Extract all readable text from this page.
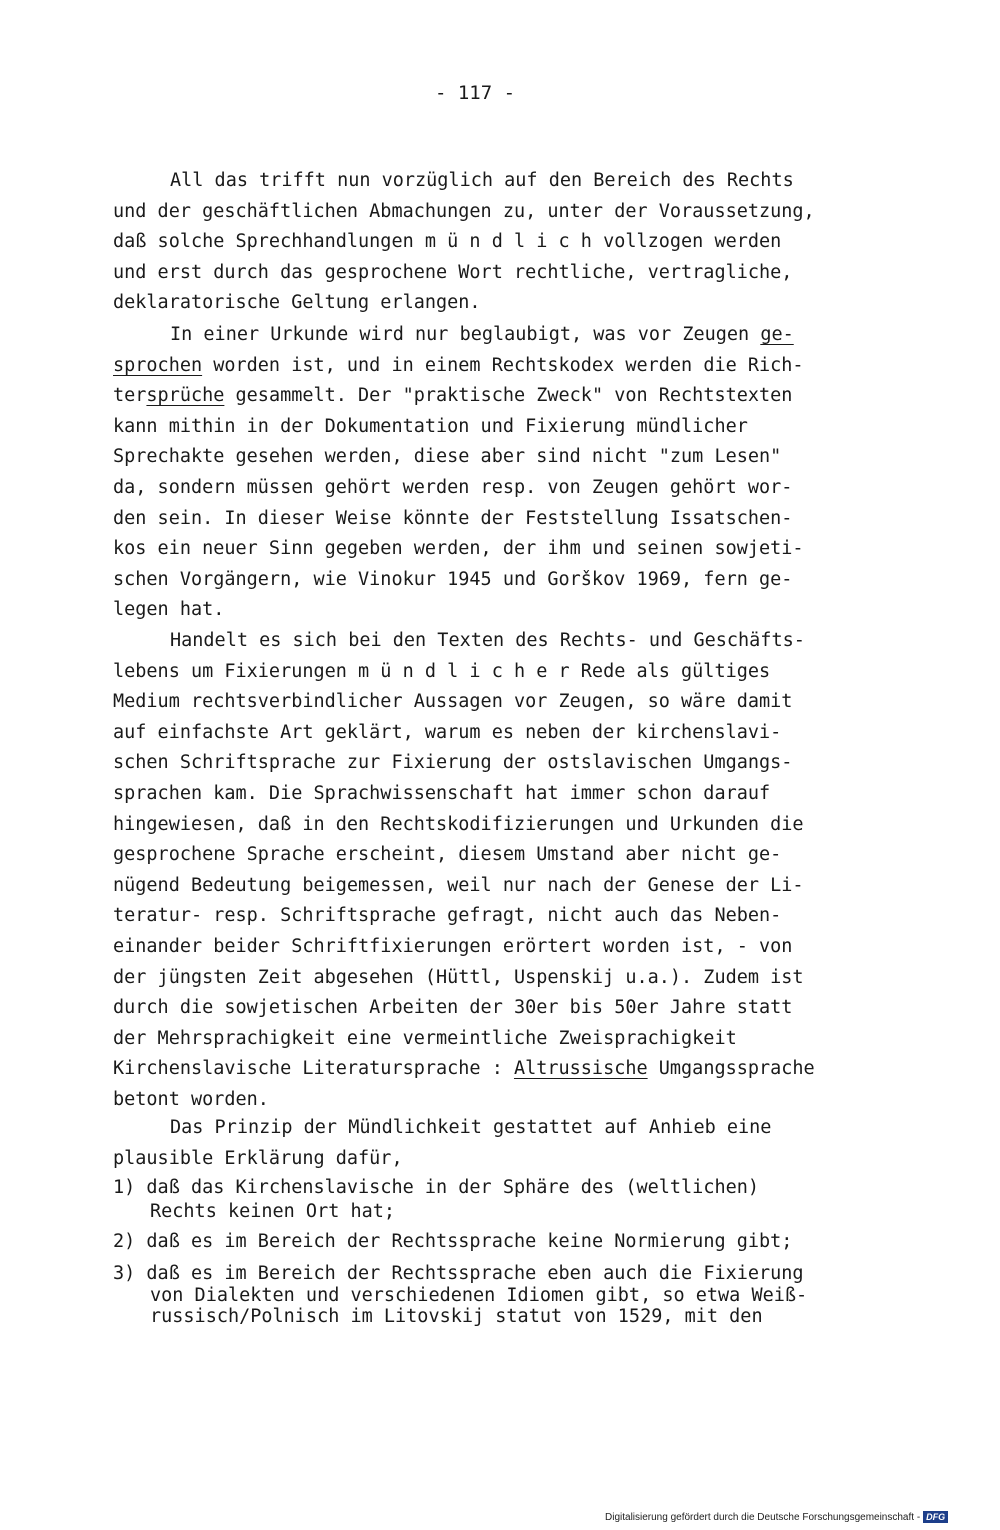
- 117 -
All das trifft nun vorzüglich auf den Bereich des Rechts
und der geschäftlichen Abmachungen zu, unter der Voraussetzung,
daß solche Sprechhandlungen m ü n d l i c h vollzogen werden
und erst durch das gesprochene Wort rechtliche, vertragliche,
deklaratorische Geltung erlangen.
In einer Urkunde wird nur beglaubigt, was vor Zeugen ge-
sprochen worden ist, und in einem Rechtskodex werden die Rich-
tersprüche gesammelt. Der "praktische Zweck" von Rechtstexten
kann mithin in der Dokumentation und Fixierung mündlicher
Sprechakte gesehen werden, diese aber sind nicht "zum Lesen"
da, sondern müssen gehört werden resp. von Zeugen gehört wor-
den sein. In dieser Weise könnte der Feststellung Issatschen-
kos ein neuer Sinn gegeben werden, der ihm und seinen sowjeti-
schen Vorgängern, wie Vinokur 1945 und Gorškov 1969, fern ge-
legen hat.
Handelt es sich bei den Texten des Rechts- und Geschäfts-
lebens um Fixierungen m ü n d l i c h e r Rede als gültiges
Medium rechtsverbindlicher Aussagen vor Zeugen, so wäre damit
auf einfachste Art geklärt, warum es neben der kirchenslavi-
schen Schriftsprache zur Fixierung der ostslavischen Umgangs-
sprachen kam. Die Sprachwissenschaft hat immer schon darauf
hingewiesen, daß in den Rechtskodifizierungen und Urkunden die
gesprochene Sprache erscheint, diesem Umstand aber nicht ge-
nügend Bedeutung beigemessen, weil nur nach der Genese der Li-
teratur- resp. Schriftsprache gefragt, nicht auch das Neben-
einander beider Schriftfixierungen erörtert worden ist, - von
der jüngsten Zeit abgesehen (Hüttl, Uspenskij u.a.). Zudem ist
durch die sowjetischen Arbeiten der 30er bis 50er Jahre statt
der Mehrsprachigkeit eine vermeintliche Zweisprachigkeit
Kirchenslavische Literatursprache : Altrussische Umgangssprache
betont worden.
Das Prinzip der Mündlichkeit gestattet auf Anhieb eine
plausible Erklärung dafür,
1) daß das Kirchenslavische in der Sphäre des (weltlichen)
Rechts keinen Ort hat;
2) daß es im Bereich der Rechtssprache keine Normierung gibt;
3) daß es im Bereich der Rechtssprache eben auch die Fixierung
von Dialekten und verschiedenen Idiomen gibt, so etwa Weiß-
russisch/Polnisch im Litovskij statut von 1529, mit den
Digitalisierung gefördert durch die Deutsche Forschungsgemeinschaft - DFG
